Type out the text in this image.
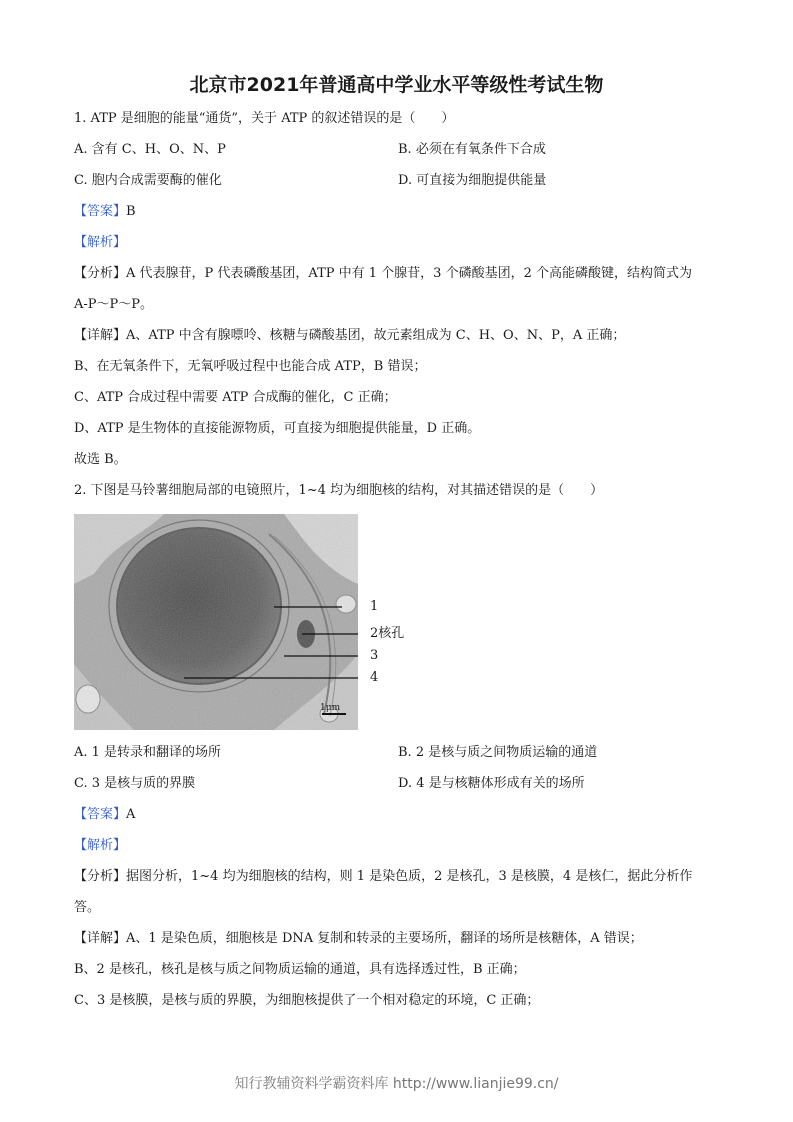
北京市2021年普通高中学业水平等级性考试生物
1. ATP 是细胞的能量“通货”，关于 ATP 的叙述错误的是（　　）
A. 含有 C、H、O、N、P	B. 必须在有氧条件下合成
C. 胞内合成需要酶的催化	D. 可直接为细胞提供能量
【答案】B
【解析】
【分析】A 代表腺苷，P 代表磷酸基团，ATP 中有 1 个腺苷，3 个磷酸基团，2 个高能磷酸键，结构简式为
A-P～P～P。
【详解】A、ATP 中含有腺嘌呤、核糖与磷酸基团，故元素组成为 C、H、O、N、P，A 正确；
B、在无氧条件下，无氧呼吸过程中也能合成 ATP，B 错误；
C、ATP 合成过程中需要 ATP 合成酶的催化，C 正确；
D、ATP 是生物体的直接能源物质，可直接为细胞提供能量，D 正确。
故选 B。
2. 下图是马铃薯细胞局部的电镜照片，1~4 均为细胞核的结构，对其描述错误的是（　　）
1μm
1
2核孔
3
4
A. 1 是转录和翻译的场所	B. 2 是核与质之间物质运输的通道
C. 3 是核与质的界膜	D. 4 是与核糖体形成有关的场所
【答案】A
【解析】
【分析】据图分析，1~4 均为细胞核的结构，则 1 是染色质，2 是核孔，3 是核膜，4 是核仁，据此分析作
答。
【详解】A、1 是染色质，细胞核是 DNA 复制和转录的主要场所，翻译的场所是核糖体，A 错误；
B、2 是核孔，核孔是核与质之间物质运输的通道，具有选择透过性，B 正确；
C、3 是核膜，是核与质的界膜，为细胞核提供了一个相对稳定的环境，C 正确；
知行教辅资料学霸资料库 http://www.lianjie99.cn/
